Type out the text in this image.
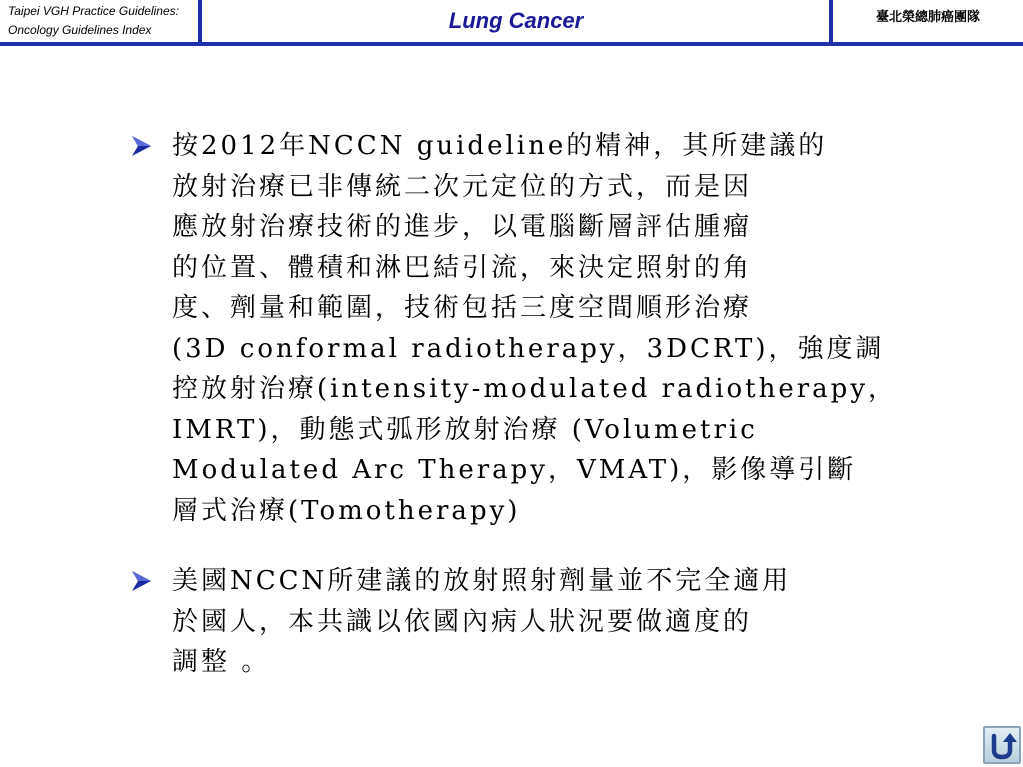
Taipei VGH Practice Guidelines:
Oncology Guidelines Index	Lung Cancer	臺北榮總肺癌團隊
按2012年NCCN guideline的精神，其所建議的
放射治療已非傳統二次元定位的方式，而是因
應放射治療技術的進步，以電腦斷層評估腫瘤
的位置、體積和淋巴結引流，來決定照射的角
度、劑量和範圍，技術包括三度空間順形治療
(3D conformal radiotherapy，3DCRT)，強度調
控放射治療(intensity-modulated radiotherapy，
IMRT)，動態式弧形放射治療 (Volumetric
Modulated Arc Therapy，VMAT)，影像導引斷
層式治療(Tomotherapy)
美國NCCN所建議的放射照射劑量並不完全適用
於國人，本共識以依國內病人狀況要做適度的
調整 。
